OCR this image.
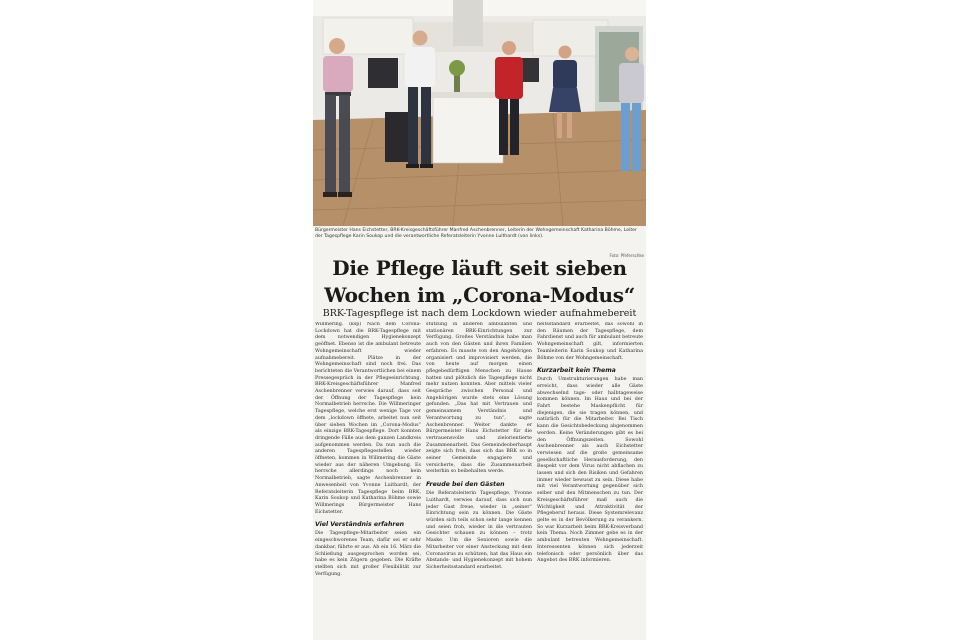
Bürgermeister Hans Eichstetter, BRK-Kreisgeschäftsführer Manfred Aschenbrenner, Leiterin der Wohngemeinschaft Katharina Böhme, Leiter der Tagespflege Karin Soukop und die verantwortliche Referatsleiterin Yvonne Luithardt (von links).
Foto: Pfeferschke
Die Pflege läuft seit sieben
Wochen im „Corona-Modus“
BRK-Tagespflege ist nach dem Lockdown wieder aufnahmebereit

Willmering. (ksp) Nach dem Corona-Lockdown hat die BRK-Tagespflege mit dem notwendigen Hygienekonzept geöffnet. Ebenso ist die ambulant betreute Wohngemeinschaft wieder aufnahmebereit. Plätze in der Wohngemeinschaft sind noch frei. Das berichteten die Verantwortlichen bei einem Pressegespräch in der Pflegeeinrichtung. BRK-Kreisgeschäftsführer Manfred Aschenbrenner verwies darauf, dass seit der Öffnung der Tagespflege kein Normalbetrieb herrsche. Die Willmeringer Tagespflege, welche erst wenige Tage vor dem „lockdown öffnete, arbeitet nun seit über sieben Wochen im „Corona-Modus“ als einzige BRK-Tagespflege. Dort konnten dringende Fälle aus dem ganzen Landkreis aufgenommen werden. Da nun auch die anderen Tagespflegestellen wieder öffneten, kommen in Willmering die Gäste wieder aus der näheren Umgebung. Es herrsche allerdings noch kein Normalbetrieb, sagte Aschenbrenner in Anwesenheit von Yvonne Luithardt, der Referatsleiterin Tagespflege beim BRK, Karin Soukop und Katharina Böhme sowie Willmerings Bürgermeister Hans Eichstetter.

Viel Verständnis erfahren

Die Tagespflege-Mitarbeiter seien ein eingeschworenes Team, dafür sei er sehr dankbar, führte er aus. Ab ein 16. März die Schließung ausgesprochen worden sei, habe es kein Zögern gegeben. Die Kräfte stellten sich mit großer Flexibilität zur Verfügung.

stützung in anderen ambulanten und stationären BRK-Einrichtungen zur Verfügung. Großes Verständnis habe man auch von den Gästen und ihren Familien erfahren. Es musste von den Angehörigen organisiert und improvisiert werden, die von heute auf morgen einen pflegebedürftigen Menschen zu Hause hatten und plötzlich die Tagespflege nicht mehr nutzen konnten. Aber mittels vieler Gespräche zwischen Personal und Angehörigen wurde stets eine Lösung gefunden. „Das hat mit Vertrauen und gemeinsamem Verständnis und Verantwortung zu tun“, sagte Aschenbrenner. Weiter dankte er Bürgermeister Hans Eichstetter für die vertrauensvolle und zielorientierte Zusammenarbeit. Das Gemeindeoberhaupt zeigte sich froh, dass sich das BRK so in seiner Gemeinde engagiere und versicherte, dass die Zusammenarbeit weiterhin so beibehalten werde.

Freude bei den Gästen

Die Referatsleiterin Tagespflege, Yvonne Luithardt, verwies darauf, dass sich nun jeder Gast freue, wieder in „seiner“ Einrichtung sein zu können. Die Gäste würden sich teils schon sehr lange kennen und seien froh, wieder in die vertrauten Gesichter schauen zu können – trotz Maske. Um die Senioren sowie die Mitarbeiter vor einer Ansteckung mit dem Coronavirus zu schützen, hat das Haus ein Abstands- und Hygienekonzept mit hohem Sicherheitsstandard erarbeitet.

heitsstandard erarbeitet, das sowohl in den Räumen der Tagespflege, dem Fahrdienst und auch für ambulant betreute Wohngemeinschaft gilt, informierten Teamleiterin Karin Soukop und Katharina Böhme von der Wohngemeinschaft.

Kurzarbeit kein Thema

Durch Umstrukturierungen habe man erreicht, dass wieder alle Gäste abwechselnd tage- oder halbtageweise kommen können. Im Haus und bei der Fahrt bestehe Maskenpflicht für diejenigen, die sie tragen können, und natürlich für die Mitarbeiter. Bei Tisch kann die Gesichtsbedeckung abgenommen werden. Keine Veränderungen gibt es bei den Öffnungszeiten. Sowohl Aschenbrenner als auch Eichstetter verwiesen auf die große gemeinsame gesellschaftliche Herausforderung, den Respekt vor dem Virus nicht abflachen zu lassen und sich den Risiken und Gefahren immer wieder bewusst zu sein. Diese habe mit viel Verantwortung gegenüber sich selber und den Mitmenschen zu tun. Der Kreisgeschäftsführer maß auch die Wichtigkeit und Attraktivität der Pflegeberuf heraus. Diese Systemrelevanz gelte es in der Bevölkerung zu verankern. So war Kurzarbeit beim BRK-Kreisverband kein Thema. Noch Zimmer gebe es in der ambulant betreuten Wohngemeinschaft. Interessenten können sich jederzeit telefonisch oder persönlich über das Angebot des BRK informieren.
